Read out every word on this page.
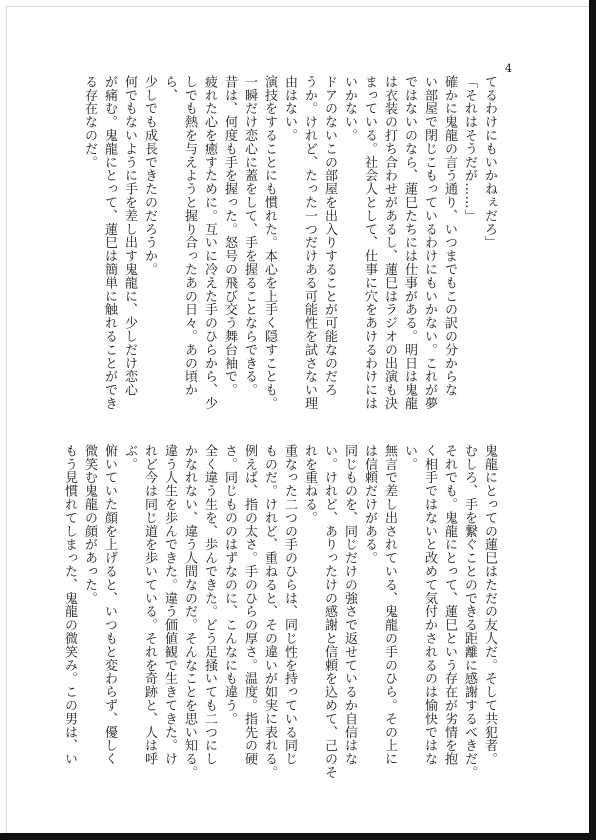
4

てるわけにもいかねぇだろ」

「それはそうだが……」

確かに鬼龍の言う通り、いつまでもこの訳の分からな

い部屋で閉じこもっているわけにもいかない。これが夢

ではないのなら、蓮巳たちには仕事がある。明日は鬼龍

は衣装の打ち合わせがあるし、蓮巳はラジオの出演も決

まっている。社会人として、仕事に穴をあけるわけには

いかない。

ドアのないこの部屋を出入りすることが可能なのだろ

うか。けれど、たった一つだけある可能性を試さない理

由はない。

演技をすることにも慣れた。本心を上手く隠すことも。

一瞬だけ恋心に蓋をして、手を握ることならできる。

昔は、何度も手を握った。怒号の飛び交う舞台袖で。

疲れた心を癒すために。互いに冷えた手のひらから、少

しでも熱を与えようと握り合ったあの日々。あの頃から、

少しでも成長できたのだろうか。

何でもないように手を差し出す鬼龍に、少しだけ恋心

が痛む。鬼龍にとって、蓮巳は簡単に触れることができ

る存在なのだ。

鬼龍にとっての蓮巳はただの友人だ。そして共犯者。

むしろ、手を繋ぐことのできる距離に感謝するべきだ。

それでも。鬼龍にとって、蓮巳という存在が劣情を抱

く相手ではないと改めて気付かされるのは愉快ではない。

無言で差し出されている、鬼龍の手のひら。その上に

は信頼だけがある。

同じものを、同じだけの強さで返せているか自信はな

い。けれど、ありったけの感謝と信頼を込めて、己のそ

れを重ねる。

重なった二つの手のひらは、同じ性を持っている同じ

ものだ。けれど、重ねると、その違いが如実に表れる。

例えば、指の太さ。手のひらの厚さ。温度。指先の硬

さ。同じもののはずなのに、こんなにも違う。

全く違う生を、歩んできた。どう足掻いても二つにし

かなれない、違う人間なのだ。そんなことを思い知る。

違う人生を歩んできた。違う価値観で生きてきた。け

れど今は同じ道を歩いている。それを奇跡と、人は呼ぶ。

俯いていた顔を上げると、いつもと変わらず、優しく

微笑む鬼龍の顔があった。

もう見慣れてしまった、鬼龍の微笑み。この男は、い
